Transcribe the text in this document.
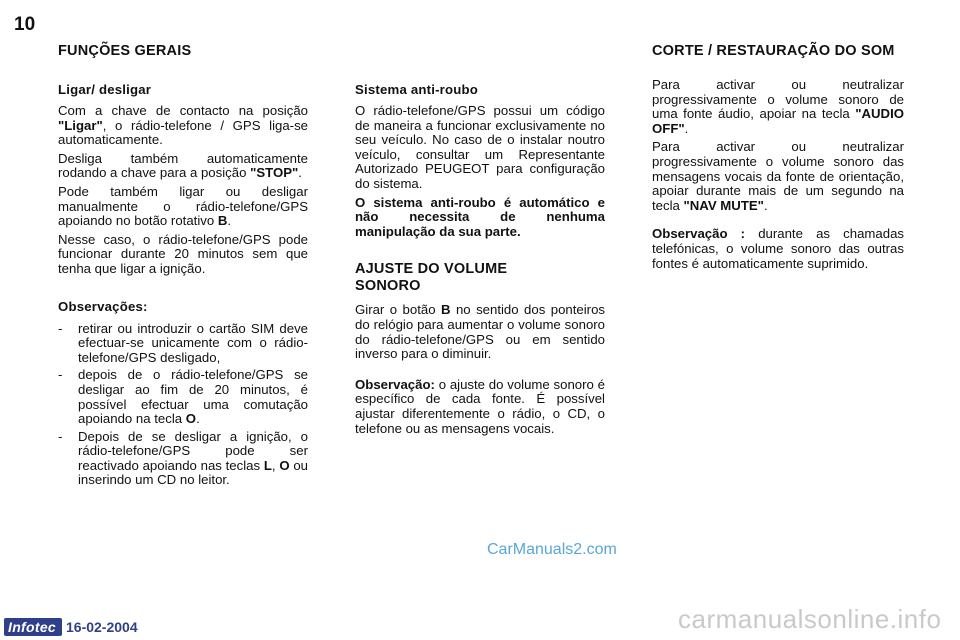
10
FUNÇÕES GERAIS
Ligar/ desligar

Com a chave de contacto na posição "Ligar", o rádio-telefone / GPS liga-se automaticamente.

Desliga também automaticamente rodando a chave para a posição "STOP".

Pode também ligar ou desligar manualmente o rádio-telefone/GPS apoiando no botão rotativo B.

Nesse caso, o rádio-telefone/GPS pode funcionar durante 20 minutos sem que tenha que ligar a ignição.

Observações:
- retirar ou introduzir o cartão SIM deve efectuar-se unicamente com o rádio-telefone/GPS desligado,
- depois de o rádio-telefone/GPS se desligar ao fim de 20 minutos, é possível efectuar uma comutação apoiando na tecla O.
- Depois de se desligar a ignição, o rádio-telefone/GPS pode ser reactivado apoiando nas teclas L, O ou inserindo um CD no leitor.
Sistema anti-roubo

O rádio-telefone/GPS possui um código de maneira a funcionar exclusivamente no seu veículo. No caso de o instalar noutro veículo, consultar um Representante Autorizado PEUGEOT para configuração do sistema.

O sistema anti-roubo é automático e não necessita de nenhuma manipulação da sua parte.

AJUSTE DO VOLUME SONORO

Girar o botão B no sentido dos ponteiros do relógio para aumentar o volume sonoro do rádio-telefone/GPS ou em sentido inverso para o diminuir.

Observação: o ajuste do volume sonoro é específico de cada fonte. É possível ajustar diferentemente o rádio, o CD, o telefone ou as mensagens vocais.

CORTE / RESTAURAÇÃO DO SOM

Para activar ou neutralizar progressivamente o volume sonoro de uma fonte áudio, apoiar na tecla "AUDIO OFF".

Para activar ou neutralizar progressivamente o volume sonoro das mensagens vocais da fonte de orientação, apoiar durante mais de um segundo na tecla "NAV MUTE".

Observação : durante as chamadas telefónicas, o volume sonoro das outras fontes é automaticamente suprimido.

CarManuals2.com
Infotec 16-02-2004	carmanualsonline.info
